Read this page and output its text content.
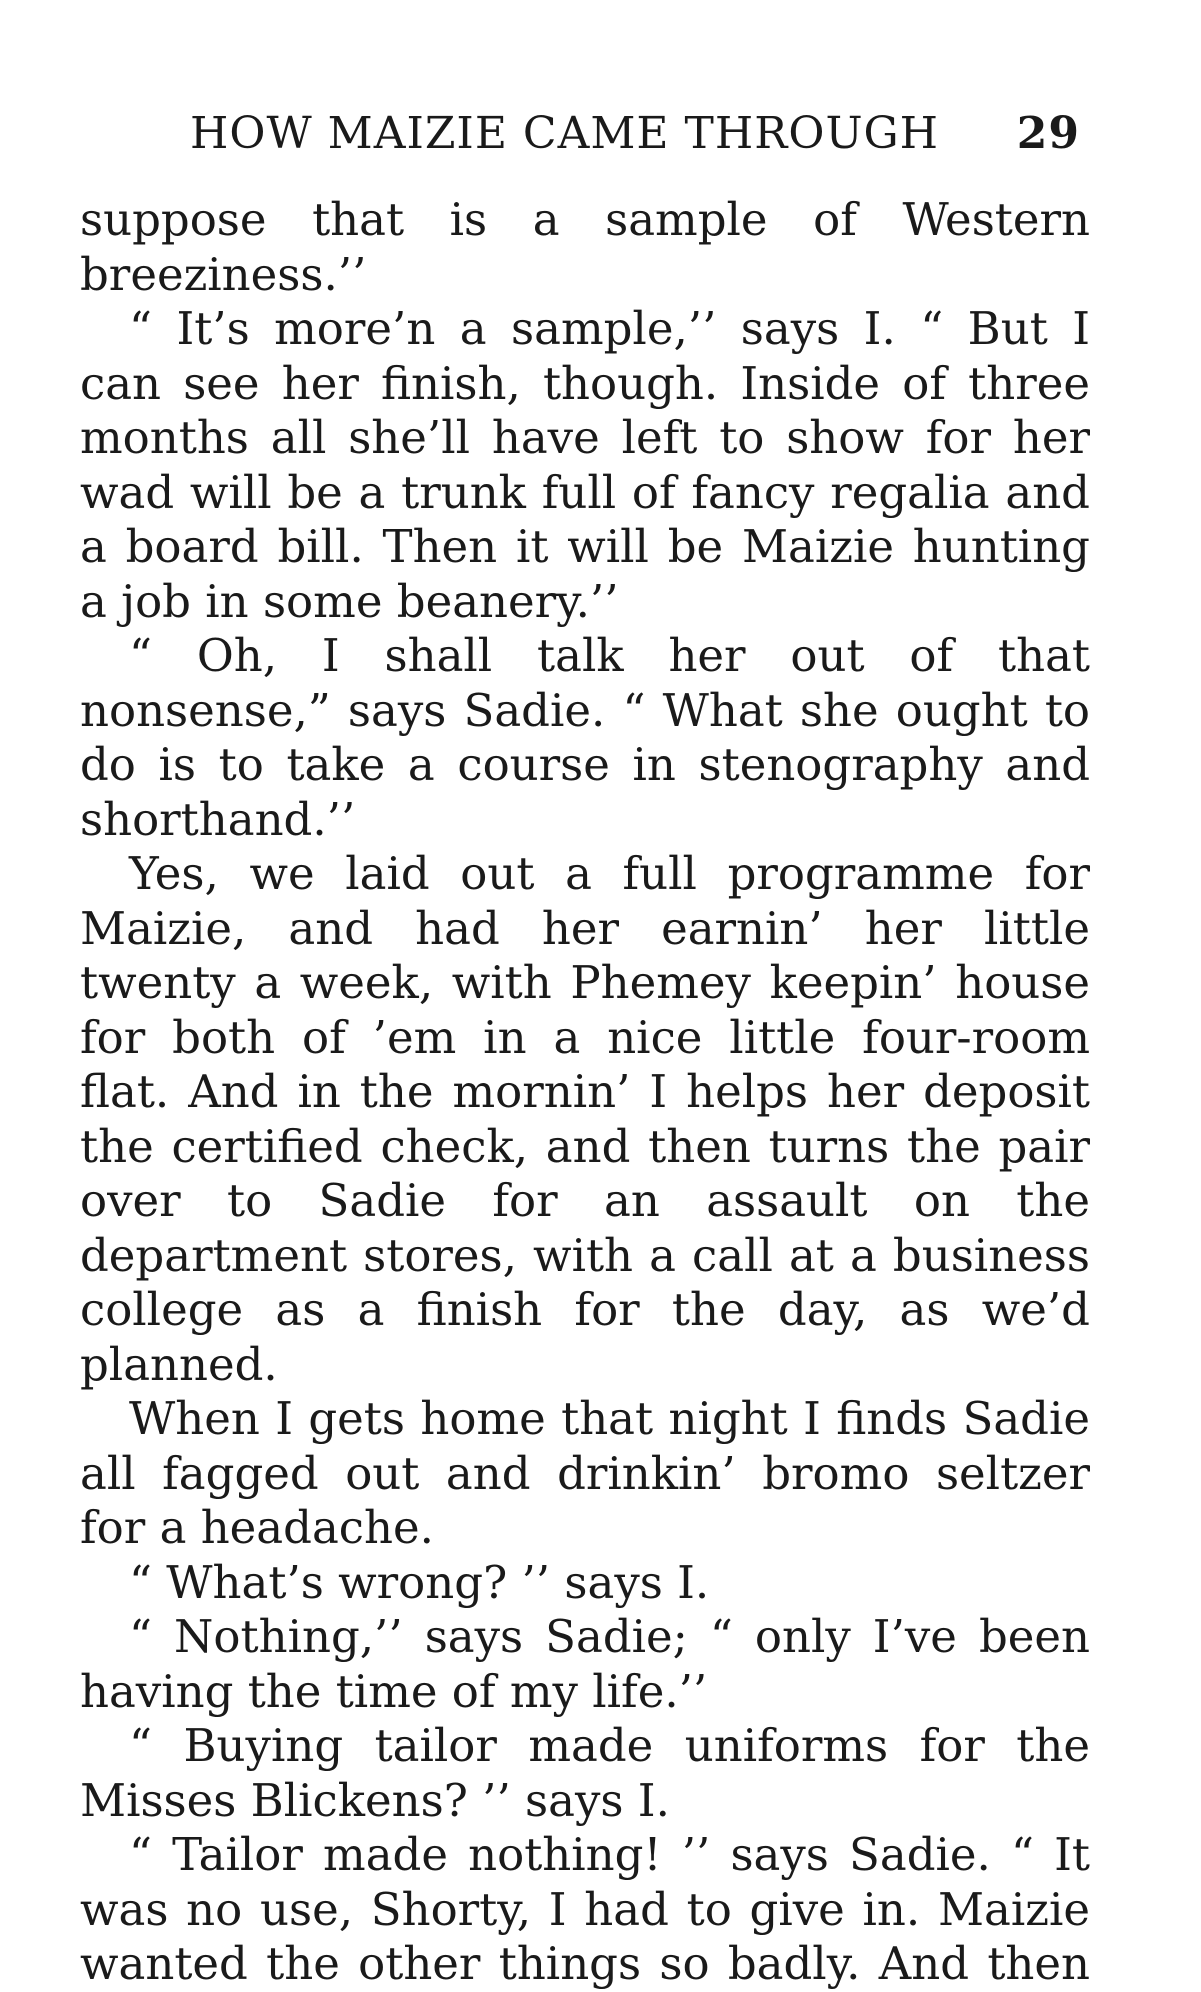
HOW MAIZIE CAME THROUGH 29

suppose that is a sample of Western breeziness.’’

“ It’s more’n a sample,’’ says I. “ But I can see her finish, though. Inside of three months all she’ll have left to show for her wad will be a trunk full of fancy regalia and a board bill. Then it will be Maizie hunting a job in some beanery.’’

“ Oh, I shall talk her out of that nonsense,” says Sadie. “ What she ought to do is to take a course in stenography and shorthand.’’

Yes, we laid out a full programme for Maizie, and had her earnin’ her little twenty a week, with Phemey keepin’ house for both of ’em in a nice little four-room flat. And in the mornin’ I helps her deposit the certified check, and then turns the pair over to Sadie for an assault on the department stores, with a call at a business college as a finish for the day, as we’d planned.

When I gets home that night I finds Sadie all fagged out and drinkin’ bromo seltzer for a headache.

“ What’s wrong? ’’ says I.

“ Nothing,’’ says Sadie; “ only I’ve been having the time of my life.’’

“ Buying tailor made uniforms for the Misses Blickens? ’’ says I.

“ Tailor made nothing! ’’ says Sadie. “ It was no use, Shorty, I had to give in. Maizie wanted the other things so badly. And then
